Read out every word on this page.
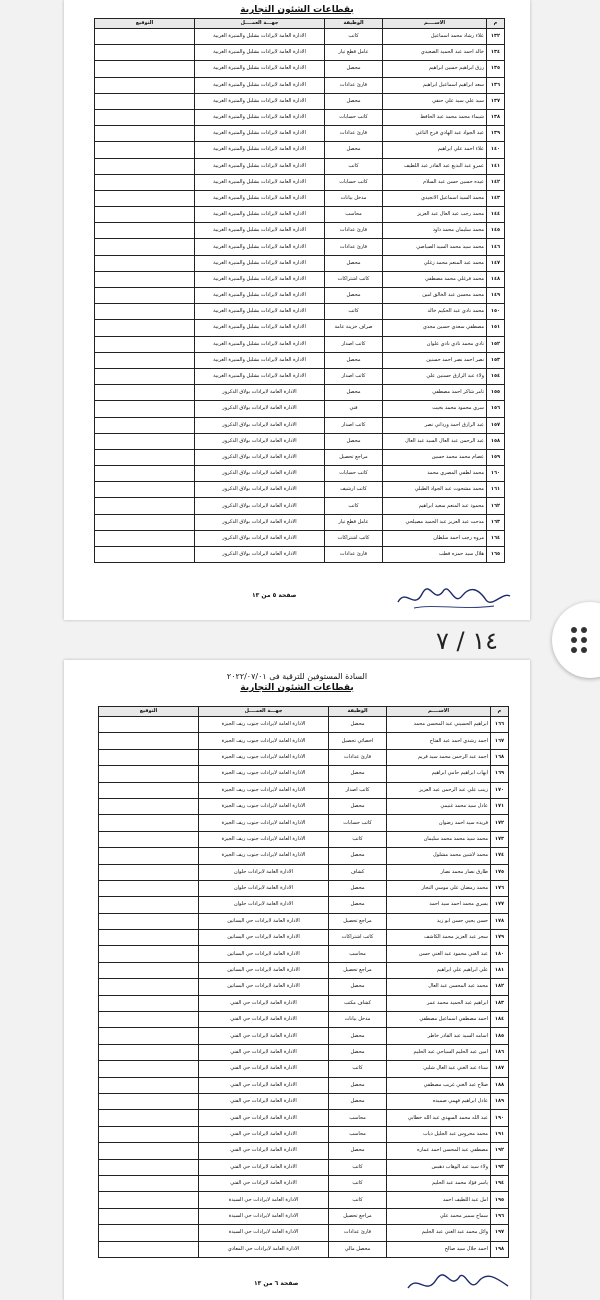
بقطاعات الشئون التجارية
م	الاســــم	الوظيفة	جهـــة العمــــل	التوقيع
١٣٢	علاء رشاد محمد اسماعيل	كاتب	الادارة العامة لايرادات بشلبل والمنيرة الغربية	
١٣٤	خالد احمد عبد الحميد الصعيدي	عامل قطع تيار	الادارة العامة لايرادات بشلبل والمنيرة الغربية	
١٣٥	رزق ابراهيم حسين ابراهيم	محصل	الادارة العامة لايرادات بشلبل والمنيرة الغربية	
١٣٦	سعد ابراهيم اسماعيل ابراهيم	قارئ عدادات	الادارة العامة لايرادات بشلبل والمنيرة الغربية	
١٣٧	سيد علي سيد علي حنفي	محصل	الادارة العامة لايرادات بشلبل والمنيرة الغربية	
١٣٨	شيماء محمد محمد عبد الحافظ	كاتب حسابات	الادارة العامة لايرادات بشلبل والمنيرة الغربية	
١٣٩	عبد الجواد عبد الهادي فرج الناغي	قارئ عدادات	الادارة العامة لايرادات بشلبل والمنيرة الغربية	
١٤٠	علاء احمد علي ابراهيم	محصل	الادارة العامة لايرادات بشلبل والمنيرة الغربية	
١٤١	عمرو عبد البديع عبد القادر عبد اللطيف	كاتب	الادارة العامة لايرادات بشلبل والمنيرة الغربية	
١٤٢	عيده حسين حسن عبد السلام	كاتب حسابات	الادارة العامة لايرادات بشلبل والمنيرة الغربية	
١٤٣	محمد السيد اسماعيل الاتجيدي	مدخل بيانات	الادارة العامة لايرادات بشلبل والمنيرة الغربية	
١٤٤	محمد رجب عبد العال عبد العزيز	محاسب	الادارة العامة لايرادات بشلبل والمنيرة الغربية	
١٤٥	محمد سليمان محمد داود	قارئ عدادات	الادارة العامة لايرادات بشلبل والمنيرة الغربية	
١٤٦	محمد سيد محمد السيد الصياصي	قارئ عدادات	الادارة العامة لايرادات بشلبل والمنيرة الغربية	
١٤٧	محمد عبد المنعم محمد زغلي	محصل	الادارة العامة لايرادات بشلبل والمنيرة الغربية	
١٤٨	محمد فرغلي محمد مصطفي	كاتب اشتراكات	الادارة العامة لايرادات بشلبل والمنيرة الغربية	
١٤٩	محمد محسن عبد الخالق امين	محصل	الادارة العامة لايرادات بشلبل والمنيرة الغربية	
١٥٠	محمد نادي عبد الحكيم خالد	كاتب	الادارة العامة لايرادات بشلبل والمنيرة الغربية	
١٥١	مصطفي سعدي حسين مجدي	صراف خزينة عامة	الادارة العامة لايرادات بشلبل والمنيرة الغربية	
١٥٢	نادي محمد نادي نادي علوان	كاتب اصدار	الادارة العامة لايرادات بشلبل والمنيرة الغربية	
١٥٣	نصر احمد نصر احمد حسنين	محصل	الادارة العامة لايرادات بشلبل والمنيرة الغربية	
١٥٤	ولاء عبد الرازق حسنين علي	كاتب اصدار	الادارة العامة لايرادات بشلبل والمنيرة الغربية	
١٥٥	تامر شاكر احمد مصطفي	محصل	الادارة العامة لايرادات بولاق الدكرور	
١٥٦	سري محمود محمد بخيت	فني	الادارة العامة لايرادات بولاق الدكرور	
١٥٧	عبد الرازق احمد ورداني نصر	كاتب اصدار	الادارة العامة لايرادات بولاق الدكرور	
١٥٨	عبد الرحمن عبد العال السيد عبد العال	محصل	الادارة العامة لايرادات بولاق الدكرور	
١٥٩	عصام محمد محمد حسين	مراجع تحصيل	الادارة العامة لايرادات بولاق الدكرور	
١٦٠	محمد لطفي المصري محمد	كاتب حسابات	الادارة العامة لايرادات بولاق الدكرور	
١٦١	محمد مشحوت عبد الجواد الطبلي	كاتب ارشيف	الادارة العامة لايرادات بولاق الدكرور	
١٦٢	محمود عبد المنعم سعيد ابراهيم	كاتب	الادارة العامة لايرادات بولاق الدكرور	
١٦٣	مدحت عبد العزيز عبد الحميد مصيلحي	عامل قطع تيار	الادارة العامة لايرادات بولاق الدكرور	
١٦٤	مروه رجب احمد سلطان	كاتب اشتراكات	الادارة العامة لايرادات بولاق الدكرور	
١٦٥	هلال سيد حمزه قطب	قارئ عدادات	الادارة العامة لايرادات بولاق الدكرور	
صفحة ٥ من ١٣
١٤ / ٧
السادة المستوفين للترقية فى ٢٠٢٢/٠٧/٠١
بقطاعات الشئون التجارية
م	الاســــم	الوظيفة	جهـــة العمــــل	التوقيع
١٦٦	ابراهيم الحسيني عبد المحسن محمد	محصل	الادارة العامة لايرادات جنوب ريف الجيزة	
١٦٧	احمد رشدي احمد عبد الفتاح	اخصائي تحصيل	الادارة العامة لايرادات جنوب ريف الجيزة	
١٦٨	احمد عبد الرحمن محمد سيد قريم	قارئ عدادات	الادارة العامة لايرادات جنوب ريف الجيزة	
١٦٩	ايهاب ابراهيم حامي ابراهيم	محصل	الادارة العامة لايرادات جنوب ريف الجيزة	
١٧٠	زينب علي عبد الرحمن عبد العزيز	كاتب اصدار	الادارة العامة لايرادات جنوب ريف الجيزة	
١٧١	عادل سيد محمد غنيمي	محصل	الادارة العامة لايرادات جنوب ريف الجيزة	
١٧٢	فريده سيد احمد رضوان	كاتب حسابات	الادارة العامة لايرادات جنوب ريف الجيزة	
١٧٣	محمد سيد محمد محمد سليمان	كاتب	الادارة العامة لايرادات جنوب ريف الجيزة	
١٧٤	محمد لاشين محمد مشلول	محصل	الادارة العامة لايرادات جنوب ريف الجيزة	
١٧٥	طارق نصار محمد نصار	كشاف	الادارة العامة لايرادات حلوان	
١٧٦	محمد رمضان علي موسي النجار	محصل	الادارة العامة لايرادات حلوان	
١٧٧	يسري محمد احمد سيد احمد	محصل	الادارة العامة لايرادات حلوان	
١٧٨	حسن يحيي حسن ابو زيد	مراجع تحصيل	الادارة العامة لايرادات حي البساتين	
١٧٩	سحر عبد العزيز محمد الكاشف	كاتب اشتراكات	الادارة العامة لايرادات حي البساتين	
١٨٠	عبد الغني محمود عبد الغني حسن	محاسب	الادارة العامة لايرادات حي البساتين	
١٨١	علي ابراهيم علي ابراهيم	مراجع تحصيل	الادارة العامة لايرادات حي البساتين	
١٨٢	محمد عبد المحسن عبد العال	محصل	الادارة العامة لايرادات حي البساتين	
١٨٣	ابراهيم عبد الحميد محمد عمر	كشاف مكتب	الادارة العامة لايرادات حي الفني	
١٨٤	احمد مصطفي اسماعيل مصطفي	مدخل بيانات	الادارة العامة لايرادات حي الفني	
١٨٥	اسامه السيد عبد القادر خاطر	محصل	الادارة العامة لايرادات حي الفني	
١٨٦	امين عبد الحليم السياحي عبد الحليم	محصل	الادارة العامة لايرادات حي الفني	
١٨٧	سناء عبد الغني عبد العال شلبي	كاتب	الادارة العامة لايرادات حي الفني	
١٨٨	صلاح عبد الغني غريب مصطفي	محصل	الادارة العامة لايرادات حي الفني	
١٨٩	عادل ابراهيم فهمي صميده	محصل	الادارة العامة لايرادات حي الفني	
١٩٠	عبد الله محمد السهدي عبد الله خطابي	محاسب	الادارة العامة لايرادات حي الفني	
١٩١	محمد محروس عبد الجليل ذياب	محاسب	الادارة العامة لايرادات حي الفني	
١٩٢	مصطفي عبد المحسن احمد عماره	محصل	الادارة العامة لايرادات حي الفني	
١٩٣	ولاء سيد عبد الوهاب دهبس	كاتب	الادارة العامة لايرادات حي الفني	
١٩٤	ياسر فؤاد محمد عبد الحليم	كاتب	الادارة العامة لايرادات حي الفني	
١٩٥	امل عبد اللطيف احمد	كاتب	الادارة العامة لايرادات حي السيدة	
١٩٦	سماح سمير محمد علي	مراجع تحصيل	الادارة العامة لايرادات حي السيدة	
١٩٧	وائل محمد عبد الغني عبد الحليم	قارئ عدادات	الادارة العامة لايرادات حي السيدة	
١٩٨	احمد جلال سيد صالح	محصل مالي	الادارة العامة لايرادات حي المعادي	
صفحة ٦ من ١٣
